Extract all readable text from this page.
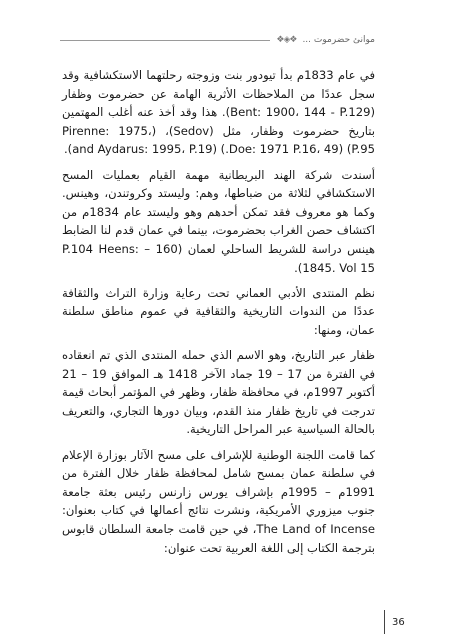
موانئ حضرموت ...
❖◈❖

في عام 1833م بدأ تيودور بنت وزوجته رحلتهما الاستكشافية وقد سجل عددًا من الملاحظات الأثرية الهامة عن حضرموت وظفار (Bent: 1900، 144 - P.129). هذا وقد أخذ عنه أغلب المهتمين بتاريخ حضرموت وظفار، مثل (Sedov)، (Pirenne: 1975، P.95) (Doe: 1971 P.16، 49.) (and Aydarus: 1995، P.19).

أسندت شركة الهند البريطانية مهمة القيام بعمليات المسح الاستكشافي لثلاثة من ضباطها، وهم: وليستد وكروتندن، وهينس. وكما هو معروف فقد تمكن أحدهم وهو وليستد عام 1834م من اكتشاف حصن الغراب بحضرموت، بينما في عمان قدم لنا الضابط هينس دراسة للشريط الساحلي لعمان (160 – P.104 Heens: 1845. Vol 15).

نظم المنتدى الأدبي العماني تحت رعاية وزارة التراث والثقافة عددًا من الندوات التاريخية والثقافية في عموم مناطق سلطنة عمان، ومنها:

ظفار عبر التاريخ، وهو الاسم الذي حمله المنتدى الذي تم انعقاده في الفترة من 17 – 19 جماد الآخر 1418 هـ الموافق 19 – 21 أكتوبر 1997م، في محافظة ظفار، وظهر في المؤتمر أبحاث قيمة تدرجت في تاريخ ظفار منذ القدم، وبيان دورها التجاري، والتعريف بالحالة السياسية عبر المراحل التاريخية.

كما قامت اللجنة الوطنية للإشراف على مسح الآثار بوزارة الإعلام في سلطنة عمان بمسح شامل لمحافظة ظفار خلال الفترة من 1991م – 1995م بإشراف يورس زارنس رئيس بعثة جامعة جنوب ميزوري الأمريكية، ونشرت نتائج أعمالها في كتاب بعنوان: The Land of Incense، في حين قامت جامعة السلطان قابوس بترجمة الكتاب إلى اللغة العربية تحت عنوان:

36
